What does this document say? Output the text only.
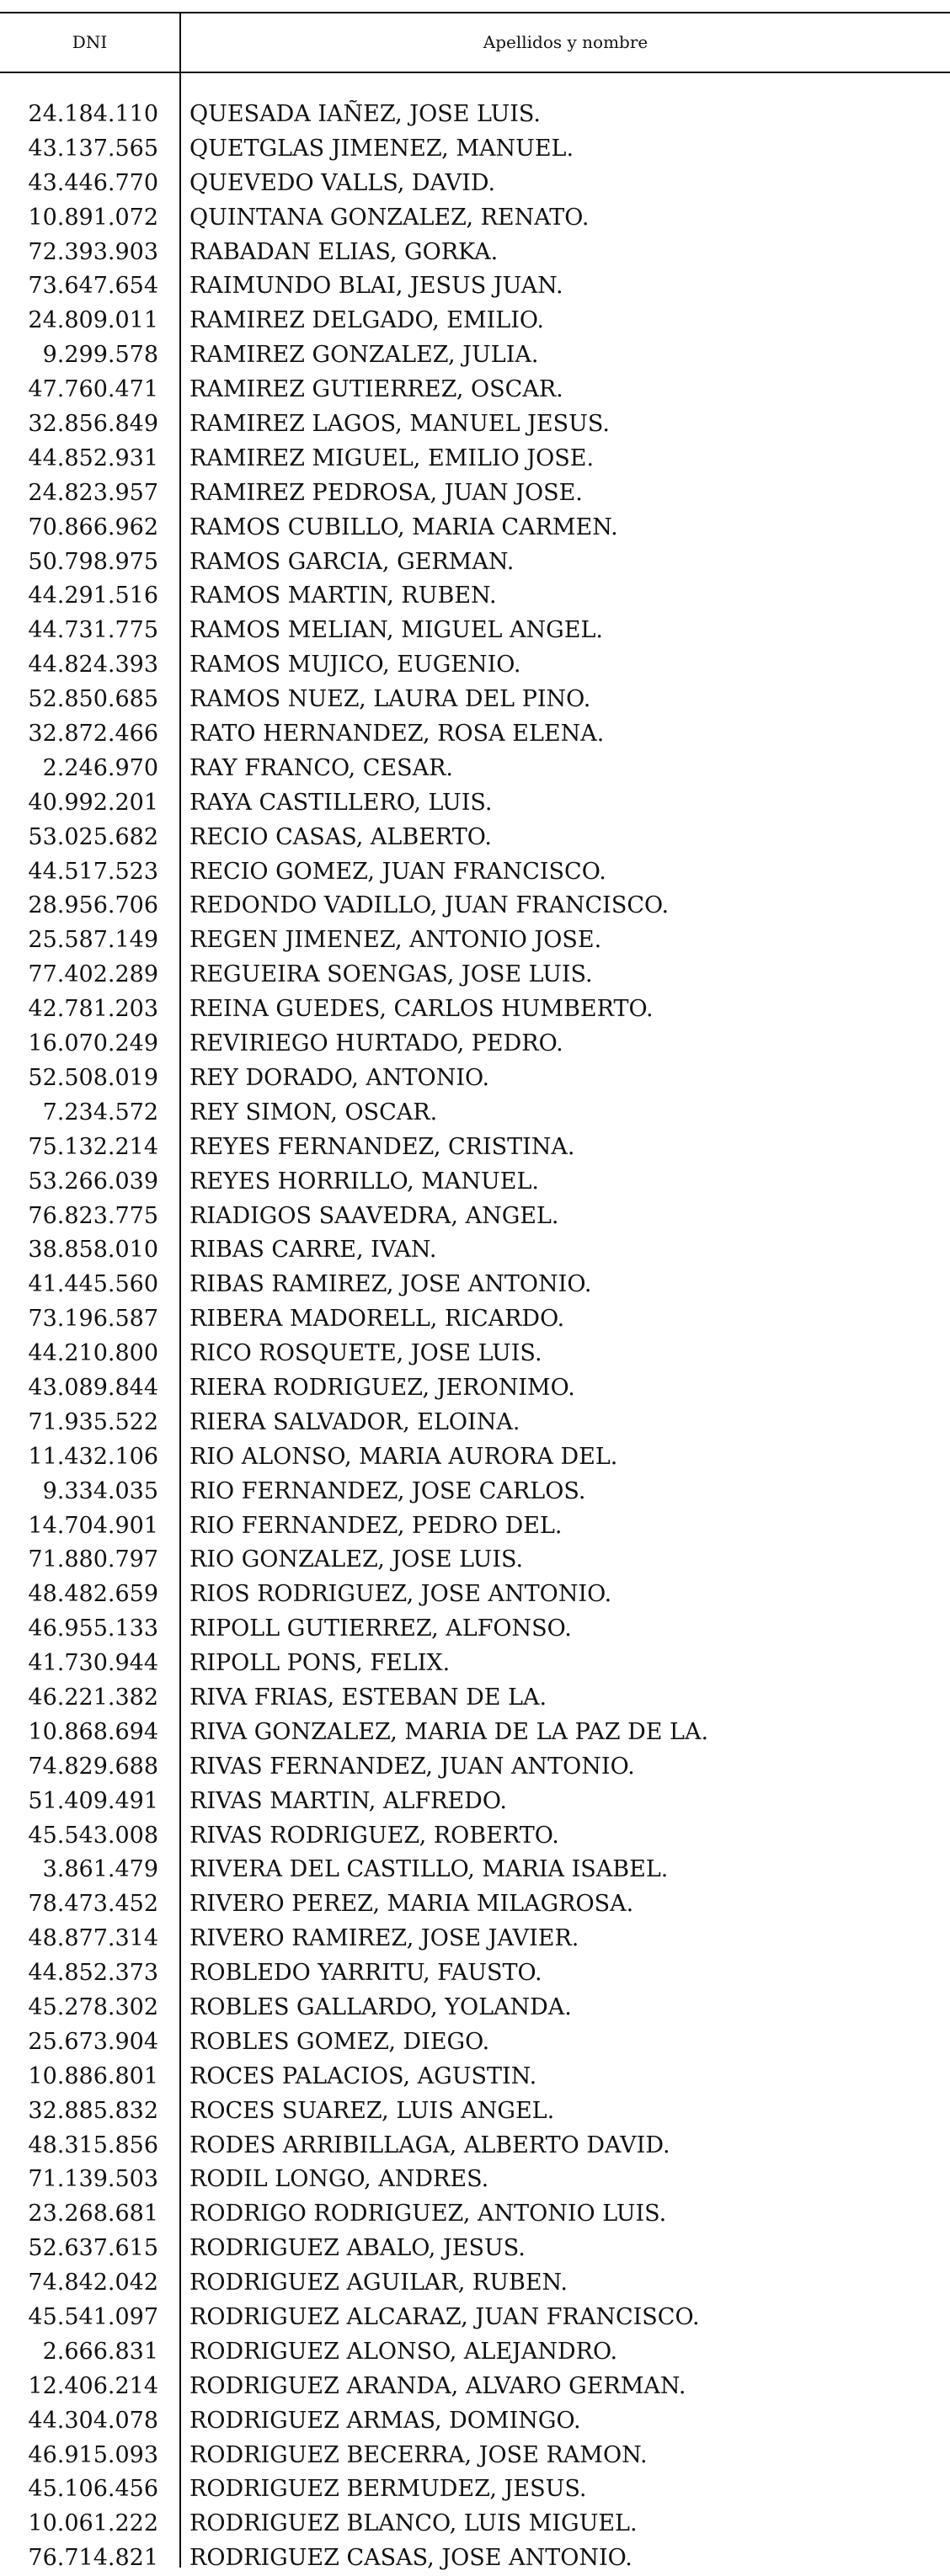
DNI	Apellidos y nombre
24.184.110 QUESADA IAÑEZ, JOSE LUIS.
43.137.565 QUETGLAS JIMENEZ, MANUEL.
43.446.770 QUEVEDO VALLS, DAVID.
10.891.072 QUINTANA GONZALEZ, RENATO.
72.393.903 RABADAN ELIAS, GORKA.
73.647.654 RAIMUNDO BLAI, JESUS JUAN.
24.809.011 RAMIREZ DELGADO, EMILIO.
9.299.578 RAMIREZ GONZALEZ, JULIA.
47.760.471 RAMIREZ GUTIERREZ, OSCAR.
32.856.849 RAMIREZ LAGOS, MANUEL JESUS.
44.852.931 RAMIREZ MIGUEL, EMILIO JOSE.
24.823.957 RAMIREZ PEDROSA, JUAN JOSE.
70.866.962 RAMOS CUBILLO, MARIA CARMEN.
50.798.975 RAMOS GARCIA, GERMAN.
44.291.516 RAMOS MARTIN, RUBEN.
44.731.775 RAMOS MELIAN, MIGUEL ANGEL.
44.824.393 RAMOS MUJICO, EUGENIO.
52.850.685 RAMOS NUEZ, LAURA DEL PINO.
32.872.466 RATO HERNANDEZ, ROSA ELENA.
2.246.970 RAY FRANCO, CESAR.
40.992.201 RAYA CASTILLERO, LUIS.
53.025.682 RECIO CASAS, ALBERTO.
44.517.523 RECIO GOMEZ, JUAN FRANCISCO.
28.956.706 REDONDO VADILLO, JUAN FRANCISCO.
25.587.149 REGEN JIMENEZ, ANTONIO JOSE.
77.402.289 REGUEIRA SOENGAS, JOSE LUIS.
42.781.203 REINA GUEDES, CARLOS HUMBERTO.
16.070.249 REVIRIEGO HURTADO, PEDRO.
52.508.019 REY DORADO, ANTONIO.
7.234.572 REY SIMON, OSCAR.
75.132.214 REYES FERNANDEZ, CRISTINA.
53.266.039 REYES HORRILLO, MANUEL.
76.823.775 RIADIGOS SAAVEDRA, ANGEL.
38.858.010 RIBAS CARRE, IVAN.
41.445.560 RIBAS RAMIREZ, JOSE ANTONIO.
73.196.587 RIBERA MADORELL, RICARDO.
44.210.800 RICO ROSQUETE, JOSE LUIS.
43.089.844 RIERA RODRIGUEZ, JERONIMO.
71.935.522 RIERA SALVADOR, ELOINA.
11.432.106 RIO ALONSO, MARIA AURORA DEL.
9.334.035 RIO FERNANDEZ, JOSE CARLOS.
14.704.901 RIO FERNANDEZ, PEDRO DEL.
71.880.797 RIO GONZALEZ, JOSE LUIS.
48.482.659 RIOS RODRIGUEZ, JOSE ANTONIO.
46.955.133 RIPOLL GUTIERREZ, ALFONSO.
41.730.944 RIPOLL PONS, FELIX.
46.221.382 RIVA FRIAS, ESTEBAN DE LA.
10.868.694 RIVA GONZALEZ, MARIA DE LA PAZ DE LA.
74.829.688 RIVAS FERNANDEZ, JUAN ANTONIO.
51.409.491 RIVAS MARTIN, ALFREDO.
45.543.008 RIVAS RODRIGUEZ, ROBERTO.
3.861.479 RIVERA DEL CASTILLO, MARIA ISABEL.
78.473.452 RIVERO PEREZ, MARIA MILAGROSA.
48.877.314 RIVERO RAMIREZ, JOSE JAVIER.
44.852.373 ROBLEDO YARRITU, FAUSTO.
45.278.302 ROBLES GALLARDO, YOLANDA.
25.673.904 ROBLES GOMEZ, DIEGO.
10.886.801 ROCES PALACIOS, AGUSTIN.
32.885.832 ROCES SUAREZ, LUIS ANGEL.
48.315.856 RODES ARRIBILLAGA, ALBERTO DAVID.
71.139.503 RODIL LONGO, ANDRES.
23.268.681 RODRIGO RODRIGUEZ, ANTONIO LUIS.
52.637.615 RODRIGUEZ ABALO, JESUS.
74.842.042 RODRIGUEZ AGUILAR, RUBEN.
45.541.097 RODRIGUEZ ALCARAZ, JUAN FRANCISCO.
2.666.831 RODRIGUEZ ALONSO, ALEJANDRO.
12.406.214 RODRIGUEZ ARANDA, ALVARO GERMAN.
44.304.078 RODRIGUEZ ARMAS, DOMINGO.
46.915.093 RODRIGUEZ BECERRA, JOSE RAMON.
45.106.456 RODRIGUEZ BERMUDEZ, JESUS.
10.061.222 RODRIGUEZ BLANCO, LUIS MIGUEL.
76.714.821 RODRIGUEZ CASAS, JOSE ANTONIO.
